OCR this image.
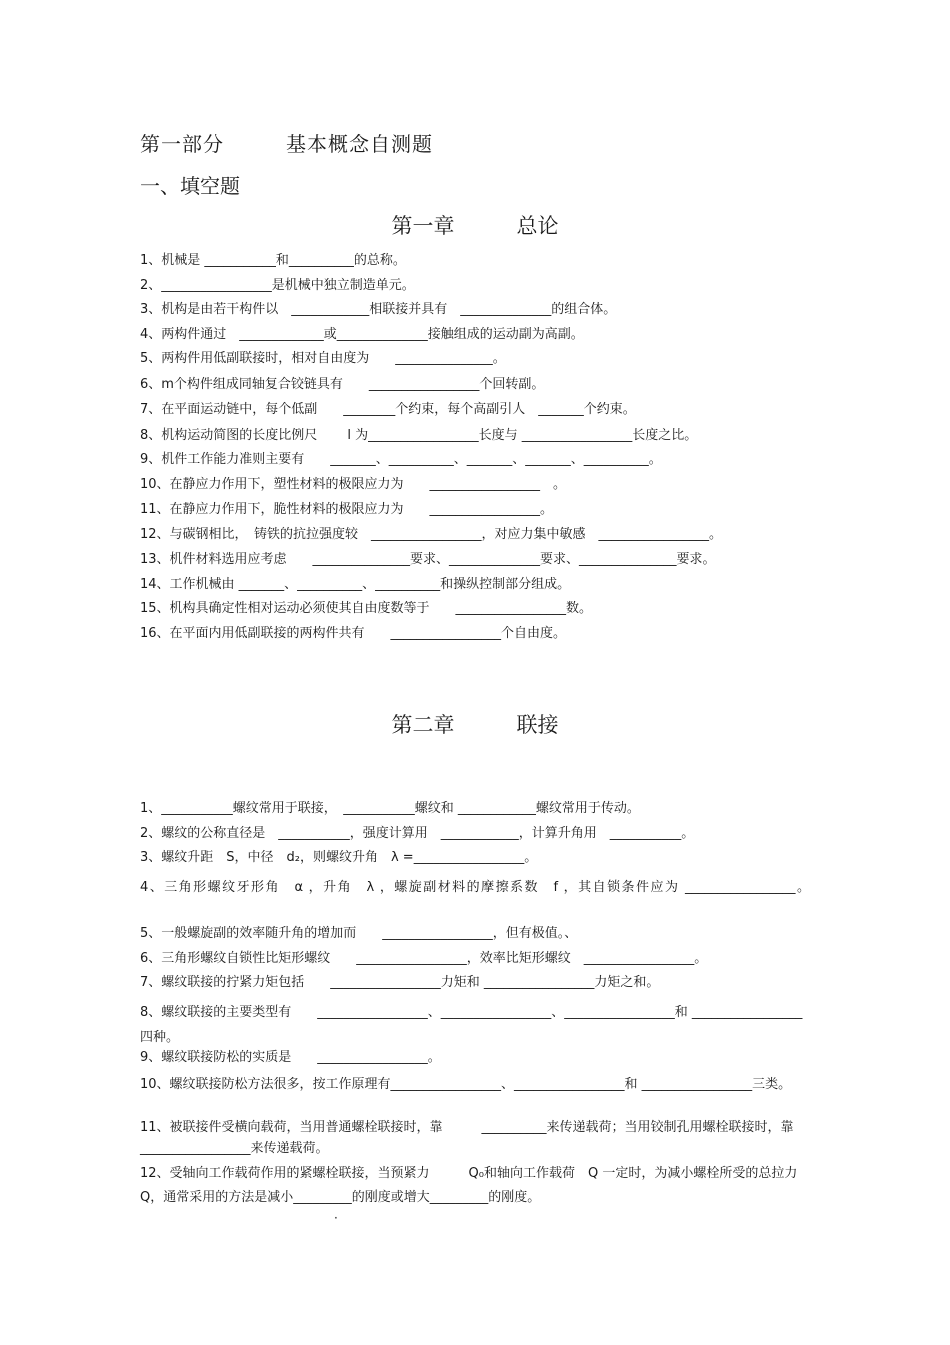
第一部分	基本概念自测题
一、填空题
第一章	总论
1、机械是 ___________和__________的总称。
2、_________________是机械中独立制造单元。
3、机构是由若干构件以　____________相联接并具有　______________的组合体。
4、两构件通过　_____________或______________接触组成的运动副为高副。
5、两构件用低副联接时，相对自由度为　　_______________。
6、m个构件组成同轴复合铰链具有　　_________________个回转副。
7、在平面运动链中，每个低副　　________个约束，每个高副引人　_______个约束。
8、机构运动简图的长度比例尺　　 l 为_________________长度与 _________________长度之比。
9、机件工作能力准则主要有　　_______、__________、_______、_______、__________。
10、在静应力作用下，塑性材料的极限应力为　　_________________　。
11、在静应力作用下，脆性材料的极限应力为　　_________________。
12、与碳钢相比，　铸铁的抗拉强度较　_________________，对应力集中敏感　_________________。
13、机件材料选用应考虑　　_______________要求、______________要求、_______________要求。
14、工作机械由 _______、__________、__________和操纵控制部分组成。
15、机构具确定性相对运动必须使其自由度数等于　　_________________数。
16、在平面内用低副联接的两构件共有　　_________________个自由度。
第二章	联接
1、___________螺纹常用于联接，　___________螺纹和 ____________螺纹常用于传动。
2、螺纹的公称直径是　___________，强度计算用　____________，计算升角用　___________。
3、螺纹升距　S，中径　d₂，则螺纹升角　λ =_________________。
4、三角形螺纹牙形角　α ，升角　λ ，螺旋副材料的摩擦系数　f ，其自锁条件应为 _________________。
5、一般螺旋副的效率随升角的增加而　　_________________，但有极值。、
6、三角形螺纹自锁性比矩形螺纹　　_________________，效率比矩形螺纹　_________________。
7、螺纹联接的拧紧力矩包括　　_________________力矩和 _________________力矩之和。
8、螺纹联接的主要类型有　　_________________、_________________、_________________和 _________________四种。
9、螺纹联接防松的实质是　　_________________。
10、螺纹联接防松方法很多，按工作原理有_________________、_________________和 _________________三类。
11、被联接件受横向载荷，当用普通螺栓联接时，靠　　　__________来传递载荷；当用铰制孔用螺栓联接时，靠　　_________________来传递载荷。
12、受轴向工作载荷作用的紧螺栓联接，当预紧力　　　Q₀和轴向工作载荷　Q 一定时，为减小螺栓所受的总拉力Q，通常采用的方法是减小_________的刚度或增大_________的刚度。
·
